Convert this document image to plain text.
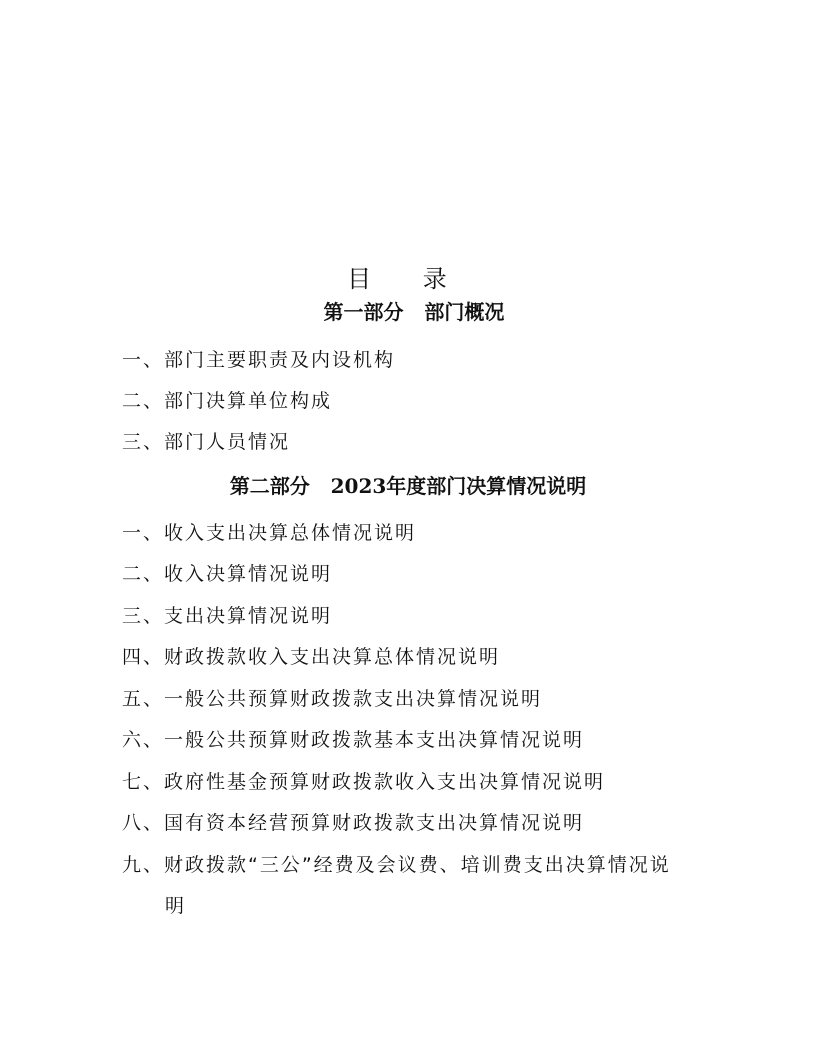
目 录
第一部分   部门概况
一、部门主要职责及内设机构
二、部门决算单位构成
三、部门人员情况
第二部分   2023年度部门决算情况说明
一、收入支出决算总体情况说明
二、收入决算情况说明
三、支出决算情况说明
四、财政拨款收入支出决算总体情况说明
五、一般公共预算财政拨款支出决算情况说明
六、一般公共预算财政拨款基本支出决算情况说明
七、政府性基金预算财政拨款收入支出决算情况说明
八、国有资本经营预算财政拨款支出决算情况说明
九、财政拨款“三公”经费及会议费、培训费支出决算情况说
明
